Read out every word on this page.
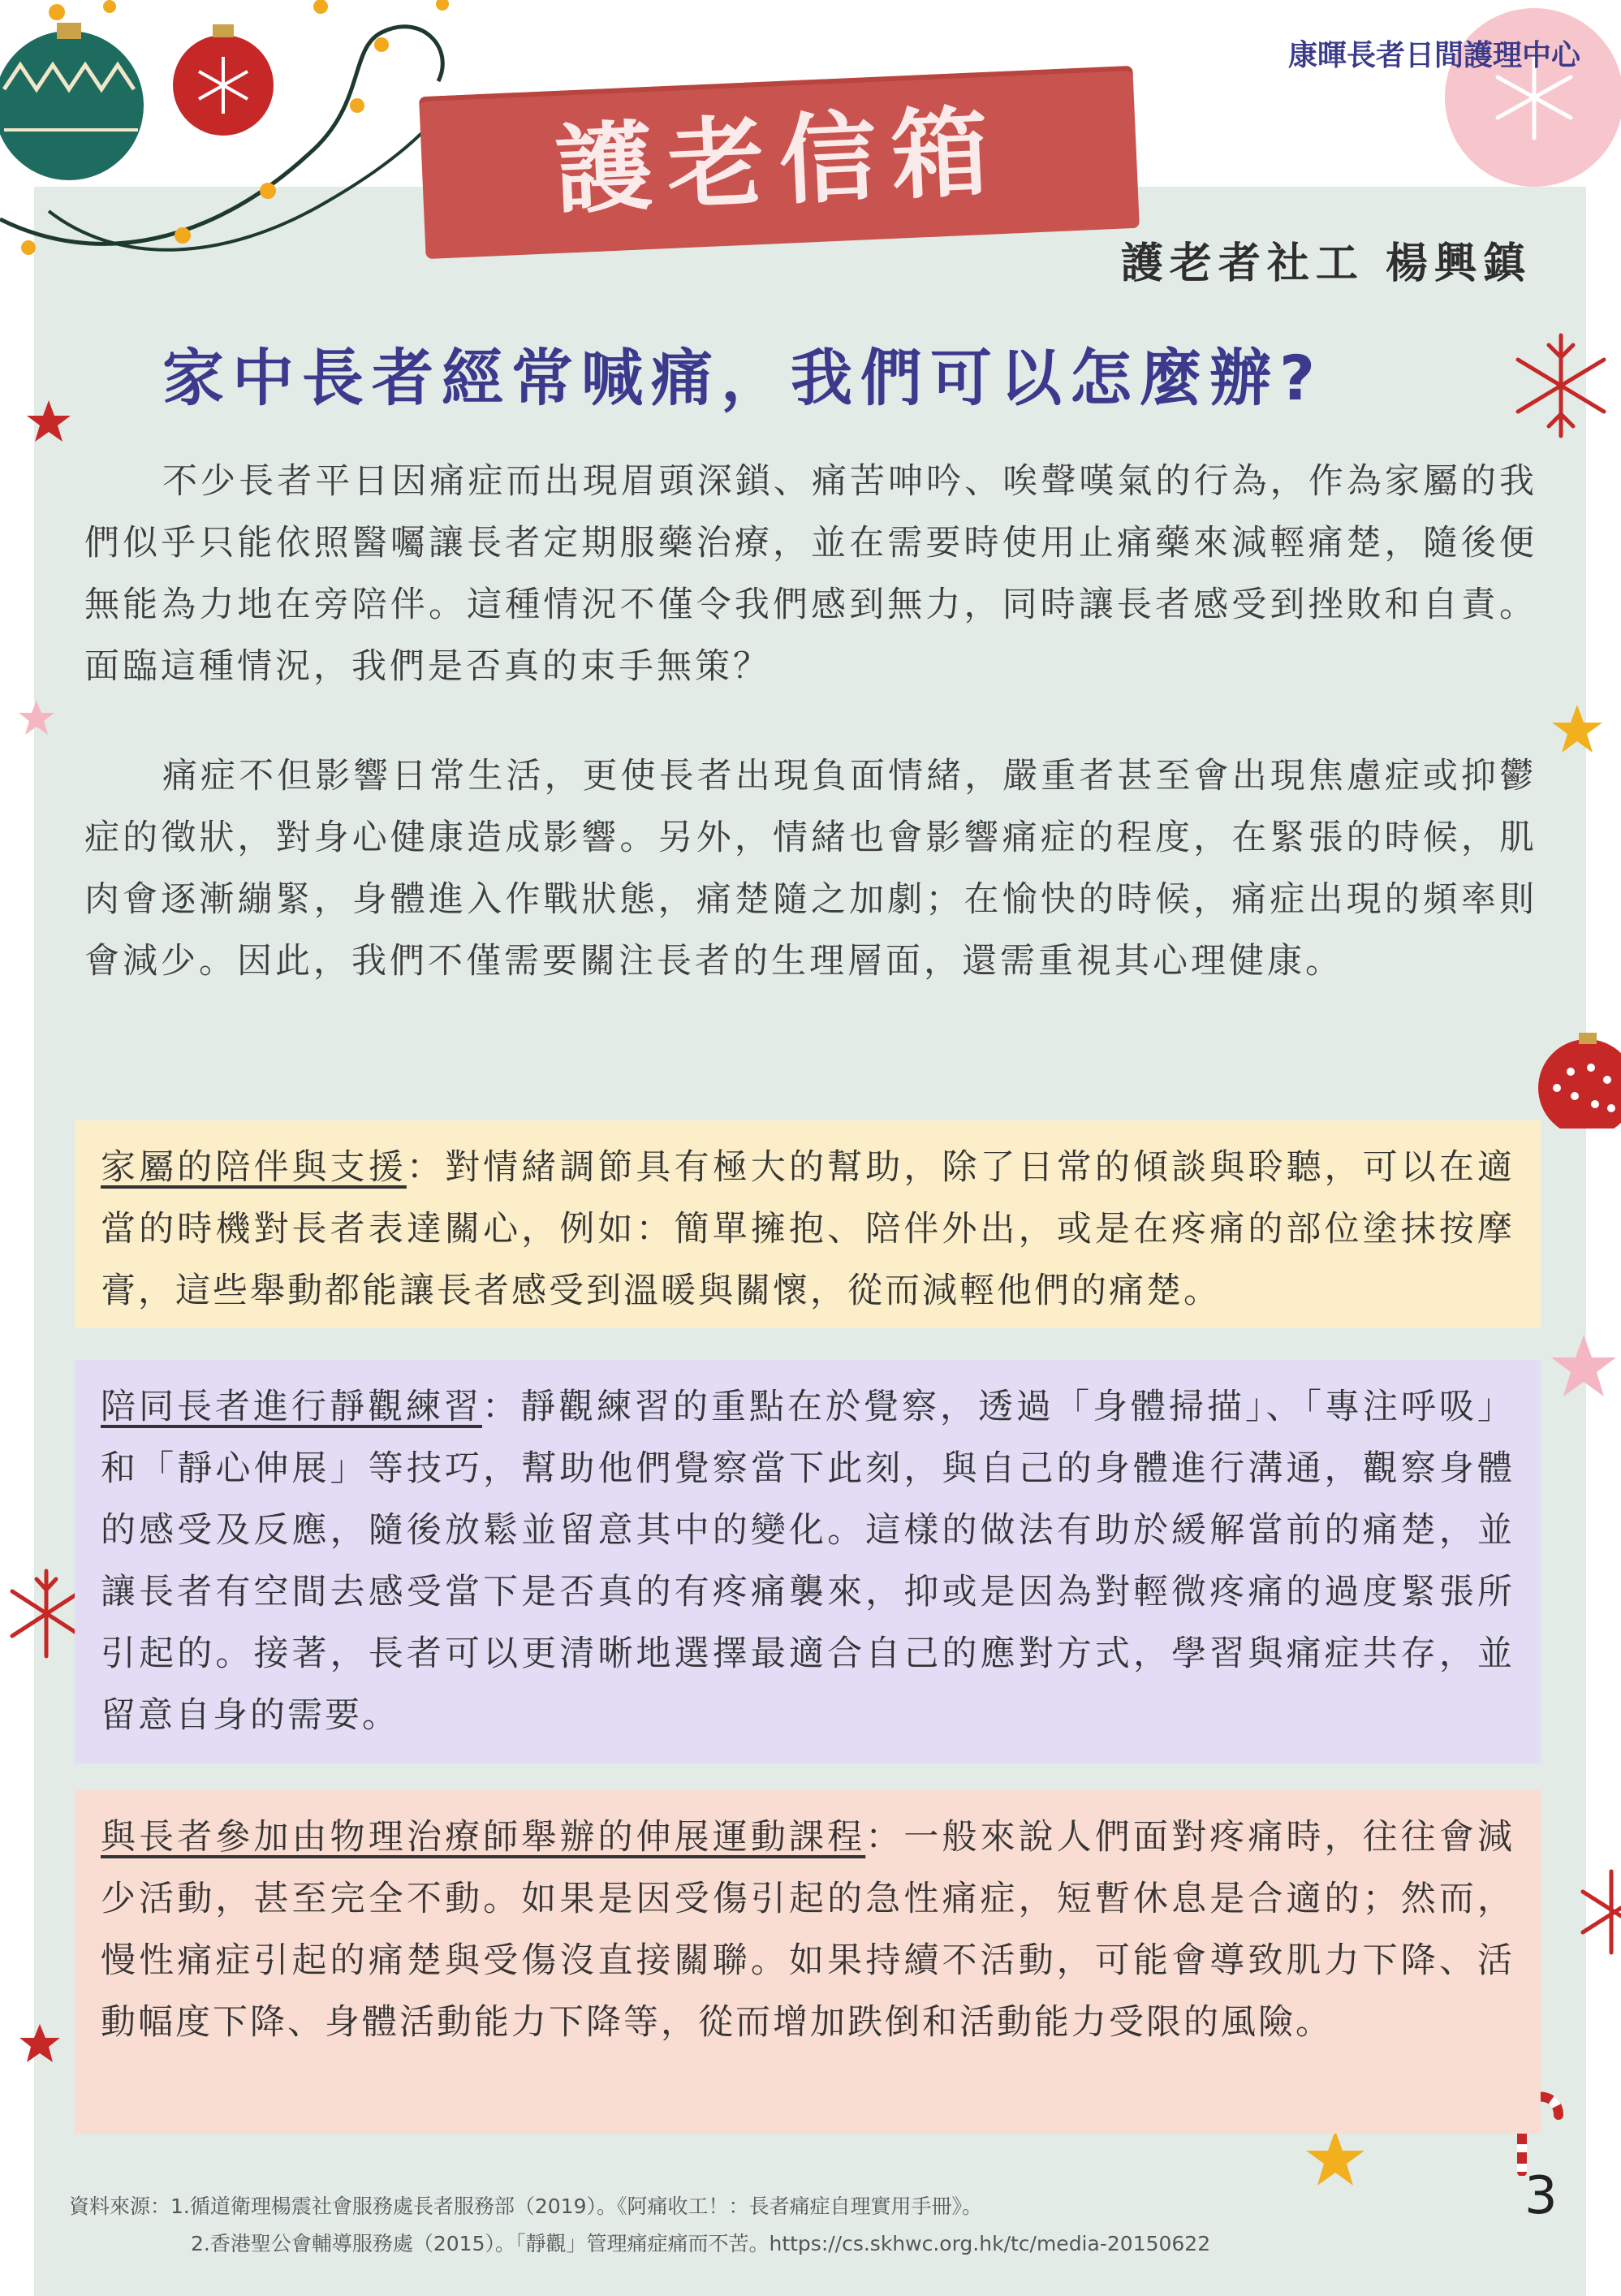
康暉長者日間護理中心
護老信箱
護老者社工 楊興鎮
家中長者經常喊痛，我們可以怎麼辦?

不少長者平日因痛症而出現眉頭深鎖、痛苦呻吟、唉聲嘆氣的行為，作為家屬的我們似乎只能依照醫囑讓長者定期服藥治療，並在需要時使用止痛藥來減輕痛楚，隨後便無能為力地在旁陪伴。這種情況不僅令我們感到無力，同時讓長者感受到挫敗和自責。面臨這種情況，我們是否真的束手無策？

痛症不但影響日常生活，更使長者出現負面情緒，嚴重者甚至會出現焦慮症或抑鬱症的徵狀，對身心健康造成影響。另外，情緒也會影響痛症的程度，在緊張的時候，肌肉會逐漸繃緊，身體進入作戰狀態，痛楚隨之加劇；在愉快的時候，痛症出現的頻率則會減少。因此，我們不僅需要關注長者的生理層面，還需重視其心理健康。

家屬的陪伴與支援：對情緒調節具有極大的幫助，除了日常的傾談與聆聽，可以在適當的時機對長者表達關心，例如：簡單擁抱、陪伴外出，或是在疼痛的部位塗抹按摩膏，這些舉動都能讓長者感受到溫暖與關懷，從而減輕他們的痛楚。
陪同長者進行靜觀練習：靜觀練習的重點在於覺察，透過「身體掃描」、「專注呼吸」和「靜心伸展」等技巧，幫助他們覺察當下此刻，與自己的身體進行溝通，觀察身體的感受及反應，隨後放鬆並留意其中的變化。這樣的做法有助於緩解當前的痛楚，並讓長者有空間去感受當下是否真的有疼痛襲來，抑或是因為對輕微疼痛的過度緊張所引起的。接著，長者可以更清晰地選擇最適合自己的應對方式，學習與痛症共存，並留意自身的需要。
與長者參加由物理治療師舉辦的伸展運動課程：一般來說人們面對疼痛時，往往會減少活動，甚至完全不動。如果是因受傷引起的急性痛症，短暫休息是合適的；然而，慢性痛症引起的痛楚與受傷沒直接關聯。如果持續不活動，可能會導致肌力下降、活動幅度下降、身體活動能力下降等，從而增加跌倒和活動能力受限的風險。
資料來源：1.循道衛理楊震社會服務處長者服務部（2019）。《阿痛收工！：長者痛症自理實用手冊》。
2.香港聖公會輔導服務處（2015）。「靜觀」管理痛症痛而不苦。https://cs.skhwc.org.hk/tc/media-20150622
3
